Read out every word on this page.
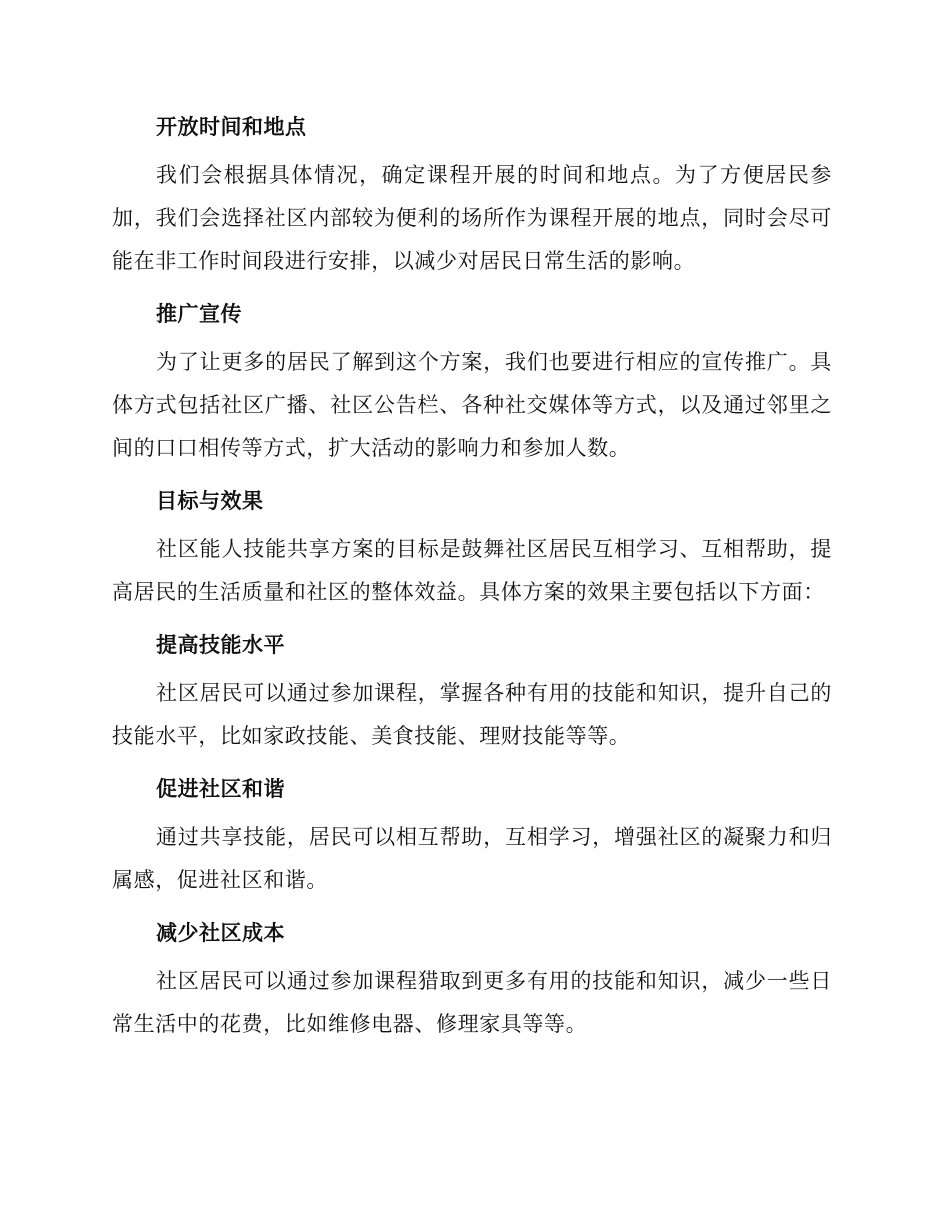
开放时间和地点

我们会根据具体情况，确定课程开展的时间和地点。为了方便居民参加，我们会选择社区内部较为便利的场所作为课程开展的地点，同时会尽可能在非工作时间段进行安排，以减少对居民日常生活的影响。

推广宣传

为了让更多的居民了解到这个方案，我们也要进行相应的宣传推广。具体方式包括社区广播、社区公告栏、各种社交媒体等方式，以及通过邻里之间的口口相传等方式，扩大活动的影响力和参加人数。

目标与效果

社区能人技能共享方案的目标是鼓舞社区居民互相学习、互相帮助，提高居民的生活质量和社区的整体效益。具体方案的效果主要包括以下方面：

提高技能水平

社区居民可以通过参加课程，掌握各种有用的技能和知识，提升自己的技能水平，比如家政技能、美食技能、理财技能等等。

促进社区和谐

通过共享技能，居民可以相互帮助，互相学习，增强社区的凝聚力和归属感，促进社区和谐。

减少社区成本

社区居民可以通过参加课程猎取到更多有用的技能和知识，减少一些日常生活中的花费，比如维修电器、修理家具等等。
